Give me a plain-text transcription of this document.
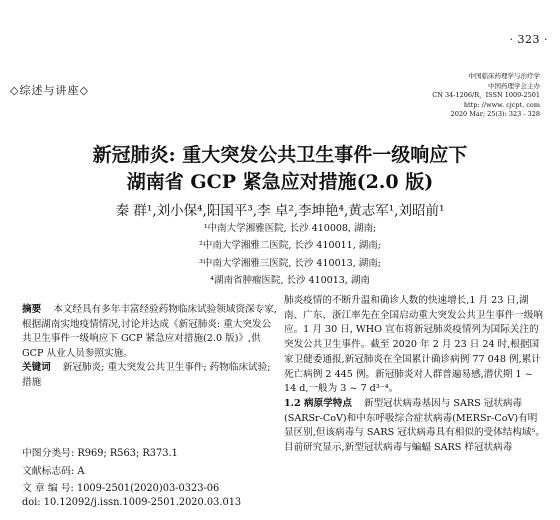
· 323 ·
◇综述与讲座◇
中国临床药理学与治疗学
中国药理学会主办
CN 34-1206/R，ISSN 1009-2501
http: //www. cjcpt. com
2020 Mar; 25(3): 323 - 328
新冠肺炎: 重大突发公共卫生事件一级响应下
湖南省 GCP 紧急应对措施(2.0 版)
秦 群¹,刘小保⁴,阳国平³,李 卓²,李坤艳⁴,黄志军¹,刘昭前¹
¹中南大学湘雅医院, 长沙 410008, 湖南;
²中南大学湘雅二医院, 长沙 410011, 湖南;
³中南大学湘雅三医院, 长沙 410013, 湖南;
⁴湖南省肿瘤医院, 长沙 410013, 湖南
摘要 本文经具有多年丰富经验药物临床试验领域资深专家,根据湖南实地疫情情况,讨论并达成《新冠肺炎: 重大突发公共卫生事件一级响应下 GCP 紧急应对措施(2.0 版)》,供 GCP 从业人员参照实施。
关键词 新冠肺炎; 重大突发公共卫生事件; 药物临床试验; 措施
中图分类号: R969; R563; R373.1
文献标志码: A
文 章 编 号: 1009-2501(2020)03-0323-06
doi: 10.12092/j.issn.1009-2501.2020.03.013
肺炎疫情的不断升温和确诊人数的快速增长,1 月 23 日,湖南、广东、浙江率先在全国启动重大突发公共卫生事件一级响应。1 月 30 日, WHO 宣布将新冠肺炎疫情列为国际关注的突发公共卫生事件。截至 2020 年 2 月 23 日 24 时,根据国家卫健委通报,新冠肺炎在全国累计确诊病例 77 048 例,累计死亡病例 2 445 例。新冠肺炎对人群普遍易感,潜伏期 1 ~ 14 d,一般为 3 ~ 7 d³⁻⁴。
1.2 病原学特点 新型冠状病毒基因与 SARS 冠状病毒(SARSr-CoV)和中东呼吸综合症状病毒(MERSr-CoV)有明显区别,但该病毒与 SARS 冠状病毒具有相似的受体结构域⁵。目前研究显示,新型冠状病毒与蝙蝠 SARS 样冠状病毒
